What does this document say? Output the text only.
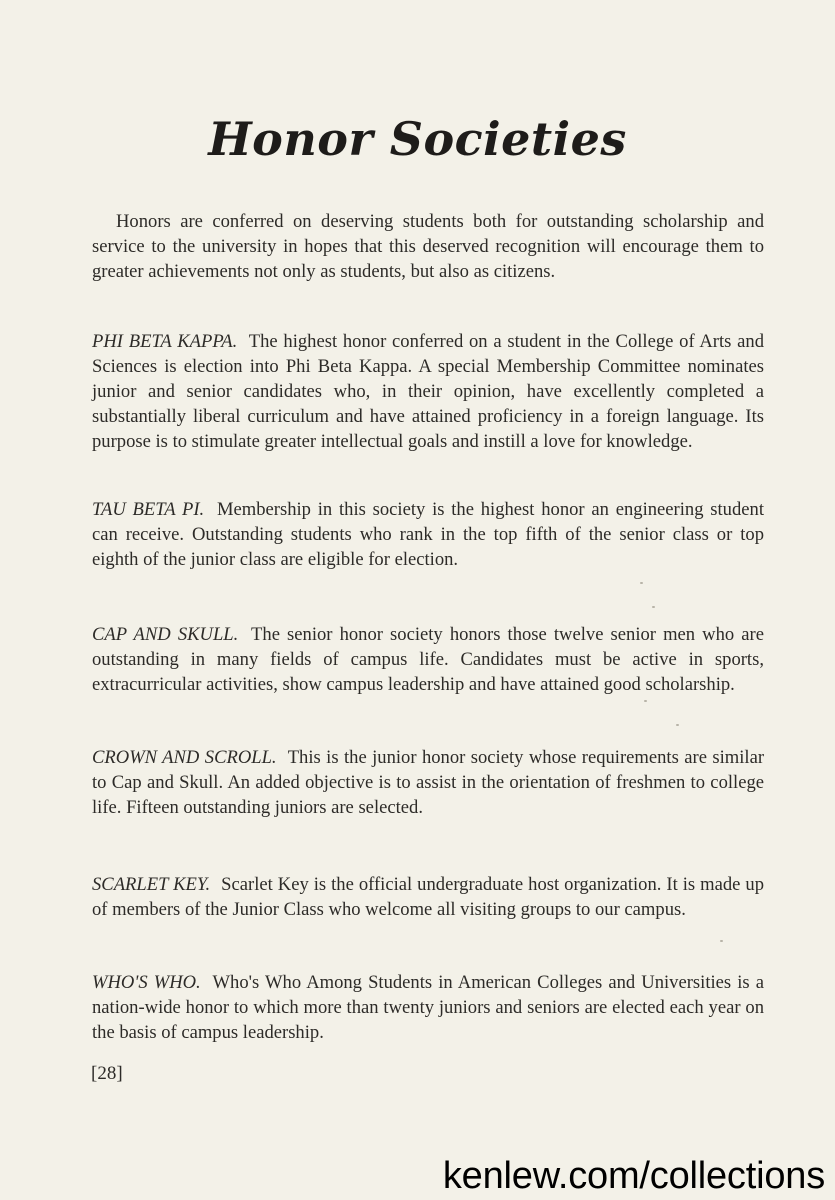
Honor Societies

Honors are conferred on deserving students both for outstanding scholarship and service to the university in hopes that this deserved recognition will encourage them to greater achievements not only as students, but also as citizens.

PHI BETA KAPPA. The highest honor conferred on a student in the College of Arts and Sciences is election into Phi Beta Kappa. A special Membership Committee nominates junior and senior candidates who, in their opinion, have excellently completed a substantially liberal curriculum and have attained proficiency in a foreign language. Its purpose is to stimulate greater intellectual goals and instill a love for knowledge.

TAU BETA PI. Membership in this society is the highest honor an engineering student can receive. Outstanding students who rank in the top fifth of the senior class or top eighth of the junior class are eligible for election.

CAP AND SKULL. The senior honor society honors those twelve senior men who are outstanding in many fields of campus life. Candidates must be active in sports, extracurricular activities, show campus leadership and have attained good scholarship.

CROWN AND SCROLL. This is the junior honor society whose requirements are similar to Cap and Skull. An added objective is to assist in the orientation of freshmen to college life. Fifteen outstanding juniors are selected.

SCARLET KEY. Scarlet Key is the official undergraduate host organization. It is made up of members of the Junior Class who welcome all visiting groups to our campus.

WHO'S WHO. Who's Who Among Students in American Colleges and Universities is a nation-wide honor to which more than twenty juniors and seniors are elected each year on the basis of campus leadership.

[28]
kenlew.com/collections
